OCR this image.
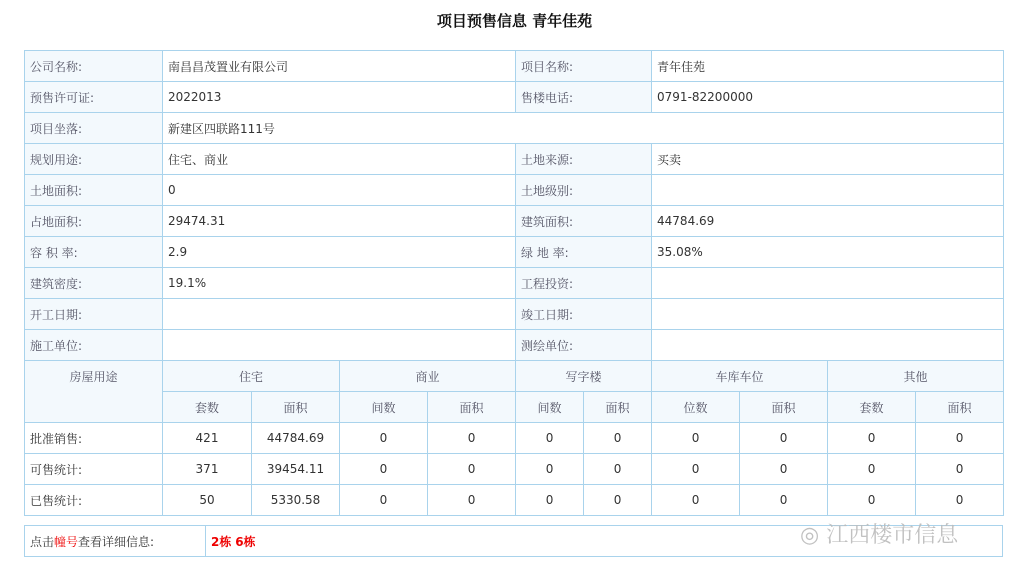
项目预售信息 青年佳苑
公司名称:	南昌昌茂置业有限公司				项目名称:		青年佳苑			
预售许可证:	2022013				售楼电话:		0791-82200000			
项目坐落:	新建区四联路111号									
规划用途:	住宅、商业				土地来源:		买卖			
土地面积:	0				土地级别:					
占地面积:	29474.31				建筑面积:		44784.69			
容 积 率:	2.9				绿 地 率:		35.08%			
建筑密度:	19.1%				工程投资:					
开工日期:					竣工日期:					
施工单位:					测绘单位:					
房屋用途	住宅		商业		写字楼		车库车位		其他	
	套数	面积	间数	面积	间数	面积	位数	面积	套数	面积
批准销售:	421	44784.69	0	0	0	0	0	0	0	0
可售统计:	371	39454.11	0	0	0	0	0	0	0	0
已售统计:	50	5330.58	0	0	0	0	0	0	0	0
点击幢号查看详细信息:	2栋 6栋	◎ 江西楼市信息
